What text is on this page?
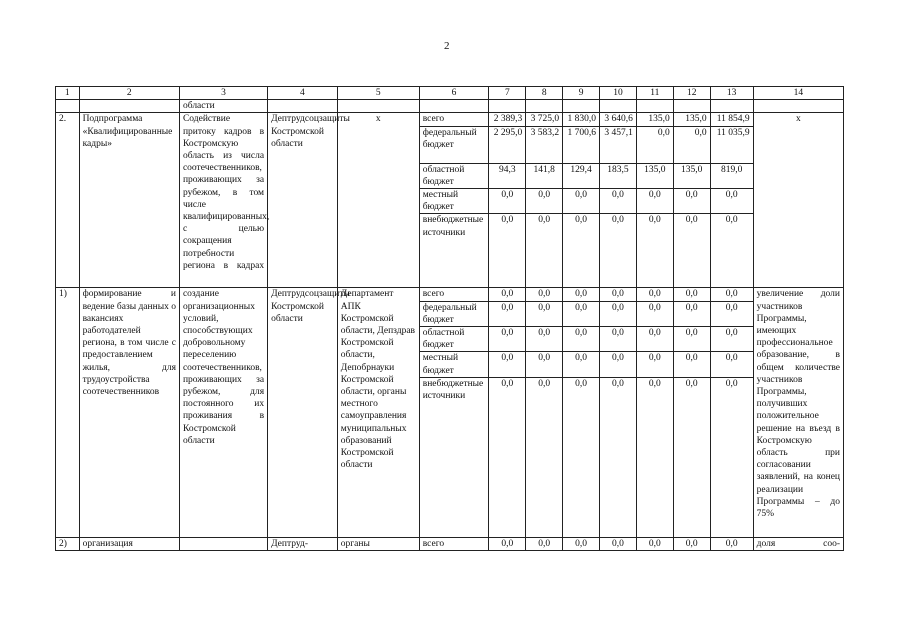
2
1	2	3	4	5	6	7	8	9	10	11	12	13	14
		области											
2.	Подпрограмма «Квалифицированные кадры»	Содействие притоку кадров в Костромскую область из числа соотечественников, проживающих за рубежом, в том числе квалифицированных, с целью сокращения потребности региона в кадрах	Дептрудсоцзащиты Костромской области	х	всего	2 389,3	3 725,0	1 830,0	3 640,6	135,0	135,0	11 854,9	х
					федеральный бюджет	2 295,0	3 583,2	1 700,6	3 457,1	0,0	0,0	11 035,9	
					областной бюджет	94,3	141,8	129,4	183,5	135,0	135,0	819,0	
					местный бюджет	0,0	0,0	0,0	0,0	0,0	0,0	0,0	
					внебюджетные источники	0,0	0,0	0,0	0,0	0,0	0,0	0,0	
1)	формирование и ведение базы данных о вакансиях работодателей региона, в том числе с предоставлением жилья, для трудоустройства соотечественников	создание организационных условий, способствующих добровольному переселению соотечественников, проживающих за рубежом, для постоянного их проживания в Костромской области	Дептрудсоцзащиты Костромской области	Департамент АПК Костромской области, Депздрав Костромской области, Депобрнауки Костромской области, органы местного самоуправления муниципальных образований Костромской области	всего	0,0	0,0	0,0	0,0	0,0	0,0	0,0	увеличение доли участников Программы, имеющих профессиональное образование, в общем количестве участников Программы, получивших положительное решение на въезд в Костромскую область при согласовании заявлений, на конец реализации Программы – до 75%
					федеральный бюджет	0,0	0,0	0,0	0,0	0,0	0,0	0,0	
					областной бюджет	0,0	0,0	0,0	0,0	0,0	0,0	0,0	
					местный бюджет	0,0	0,0	0,0	0,0	0,0	0,0	0,0	
					внебюджетные источники	0,0	0,0	0,0	0,0	0,0	0,0	0,0	
2)	организация		Дептруд-	органы	всего	0,0	0,0	0,0	0,0	0,0	0,0	0,0	доля соо-
